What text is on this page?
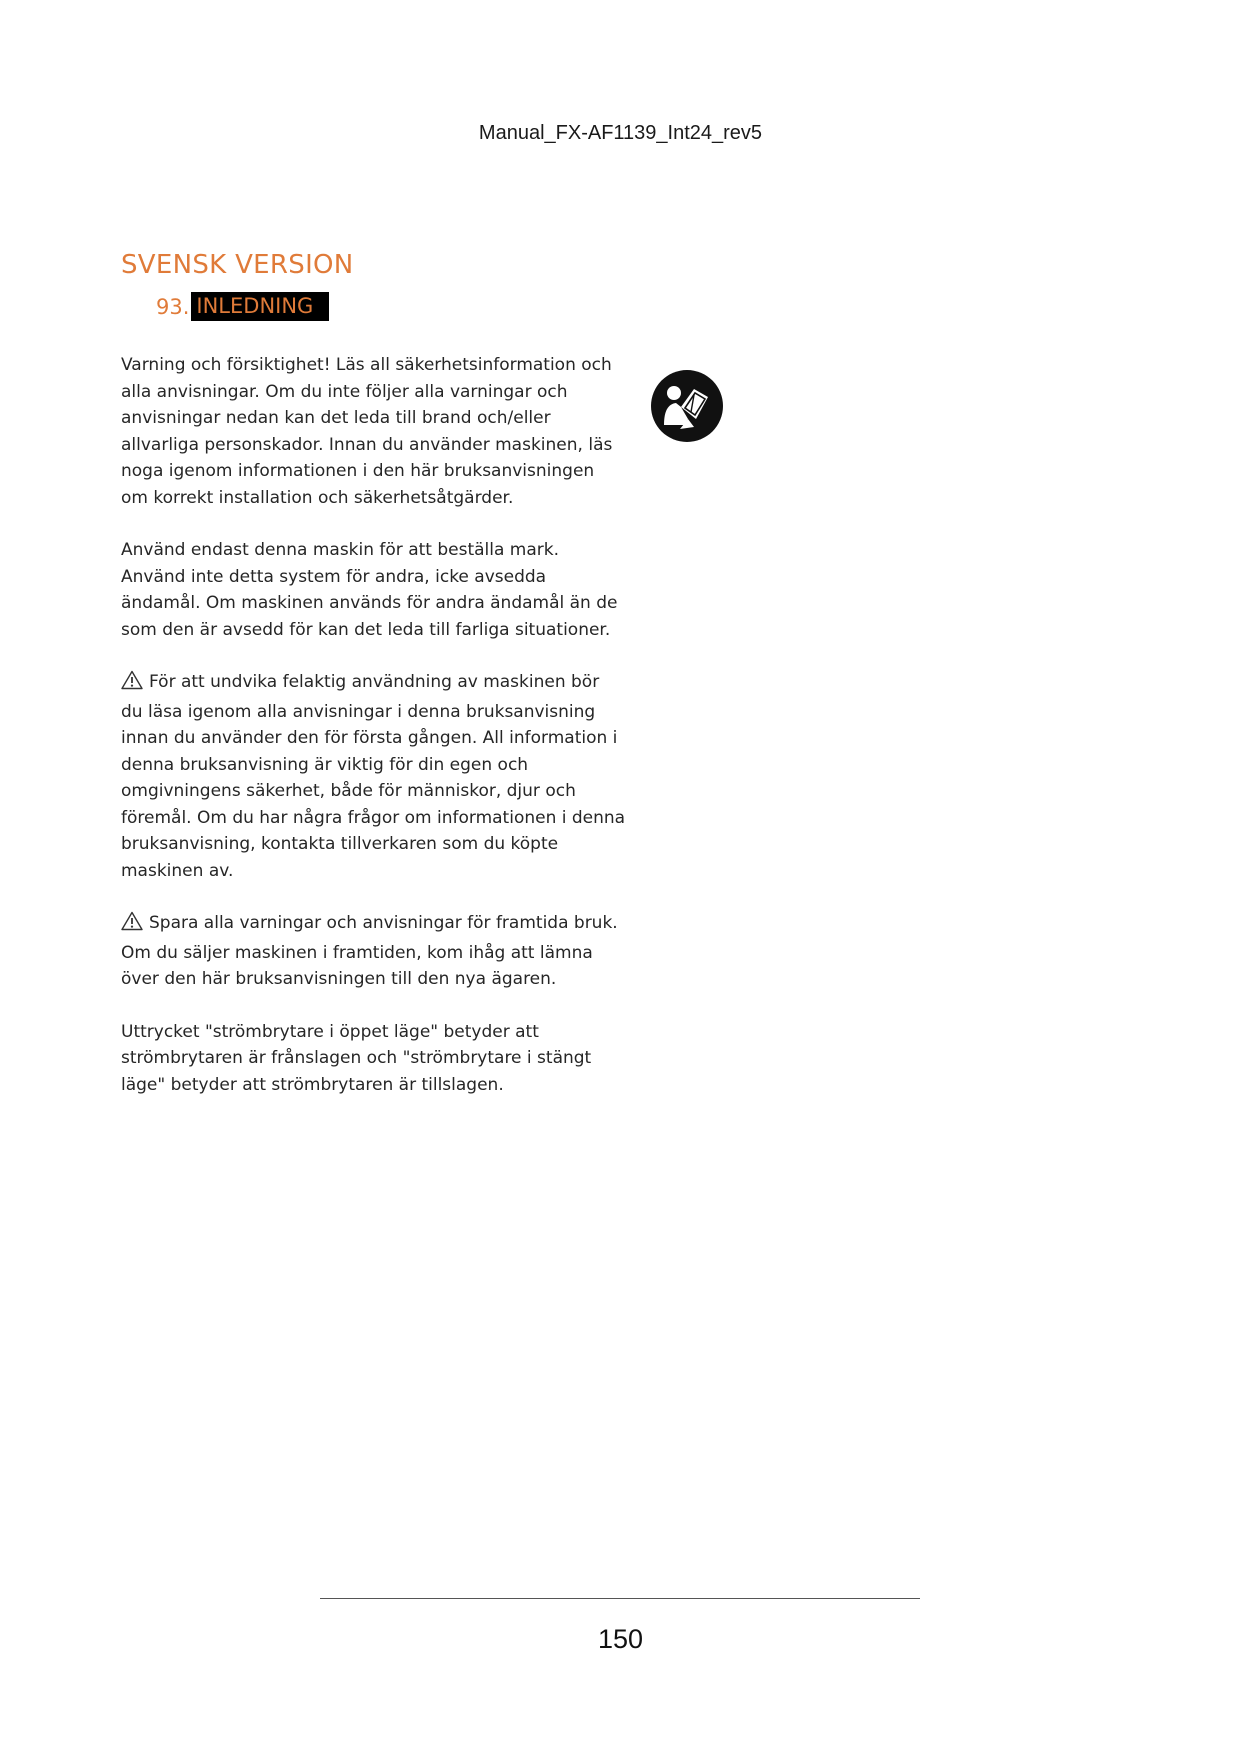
Manual_FX-AF1139_Int24_rev5
SVENSK VERSION
93. INLEDNING

Varning och försiktighet! Läs all säkerhetsinformation och alla anvisningar. Om du inte följer alla varningar och anvisningar nedan kan det leda till brand och/eller allvarliga personskador. Innan du använder maskinen, läs noga igenom informationen i den här bruksanvisningen om korrekt installation och säkerhetsåtgärder.

Använd endast denna maskin för att beställa mark. Använd inte detta system för andra, icke avsedda ändamål. Om maskinen används för andra ändamål än de som den är avsedd för kan det leda till farliga situationer.

För att undvika felaktig användning av maskinen bör du läsa igenom alla anvisningar i denna bruksanvisning innan du använder den för första gången. All information i denna bruksanvisning är viktig för din egen och omgivningens säkerhet, både för människor, djur och föremål. Om du har några frågor om informationen i denna bruksanvisning, kontakta tillverkaren som du köpte maskinen av.

Spara alla varningar och anvisningar för framtida bruk. Om du säljer maskinen i framtiden, kom ihåg att lämna över den här bruksanvisningen till den nya ägaren.

Uttrycket "strömbrytare i öppet läge" betyder att strömbrytaren är frånslagen och "strömbrytare i stängt läge" betyder att strömbrytaren är tillslagen.

150
